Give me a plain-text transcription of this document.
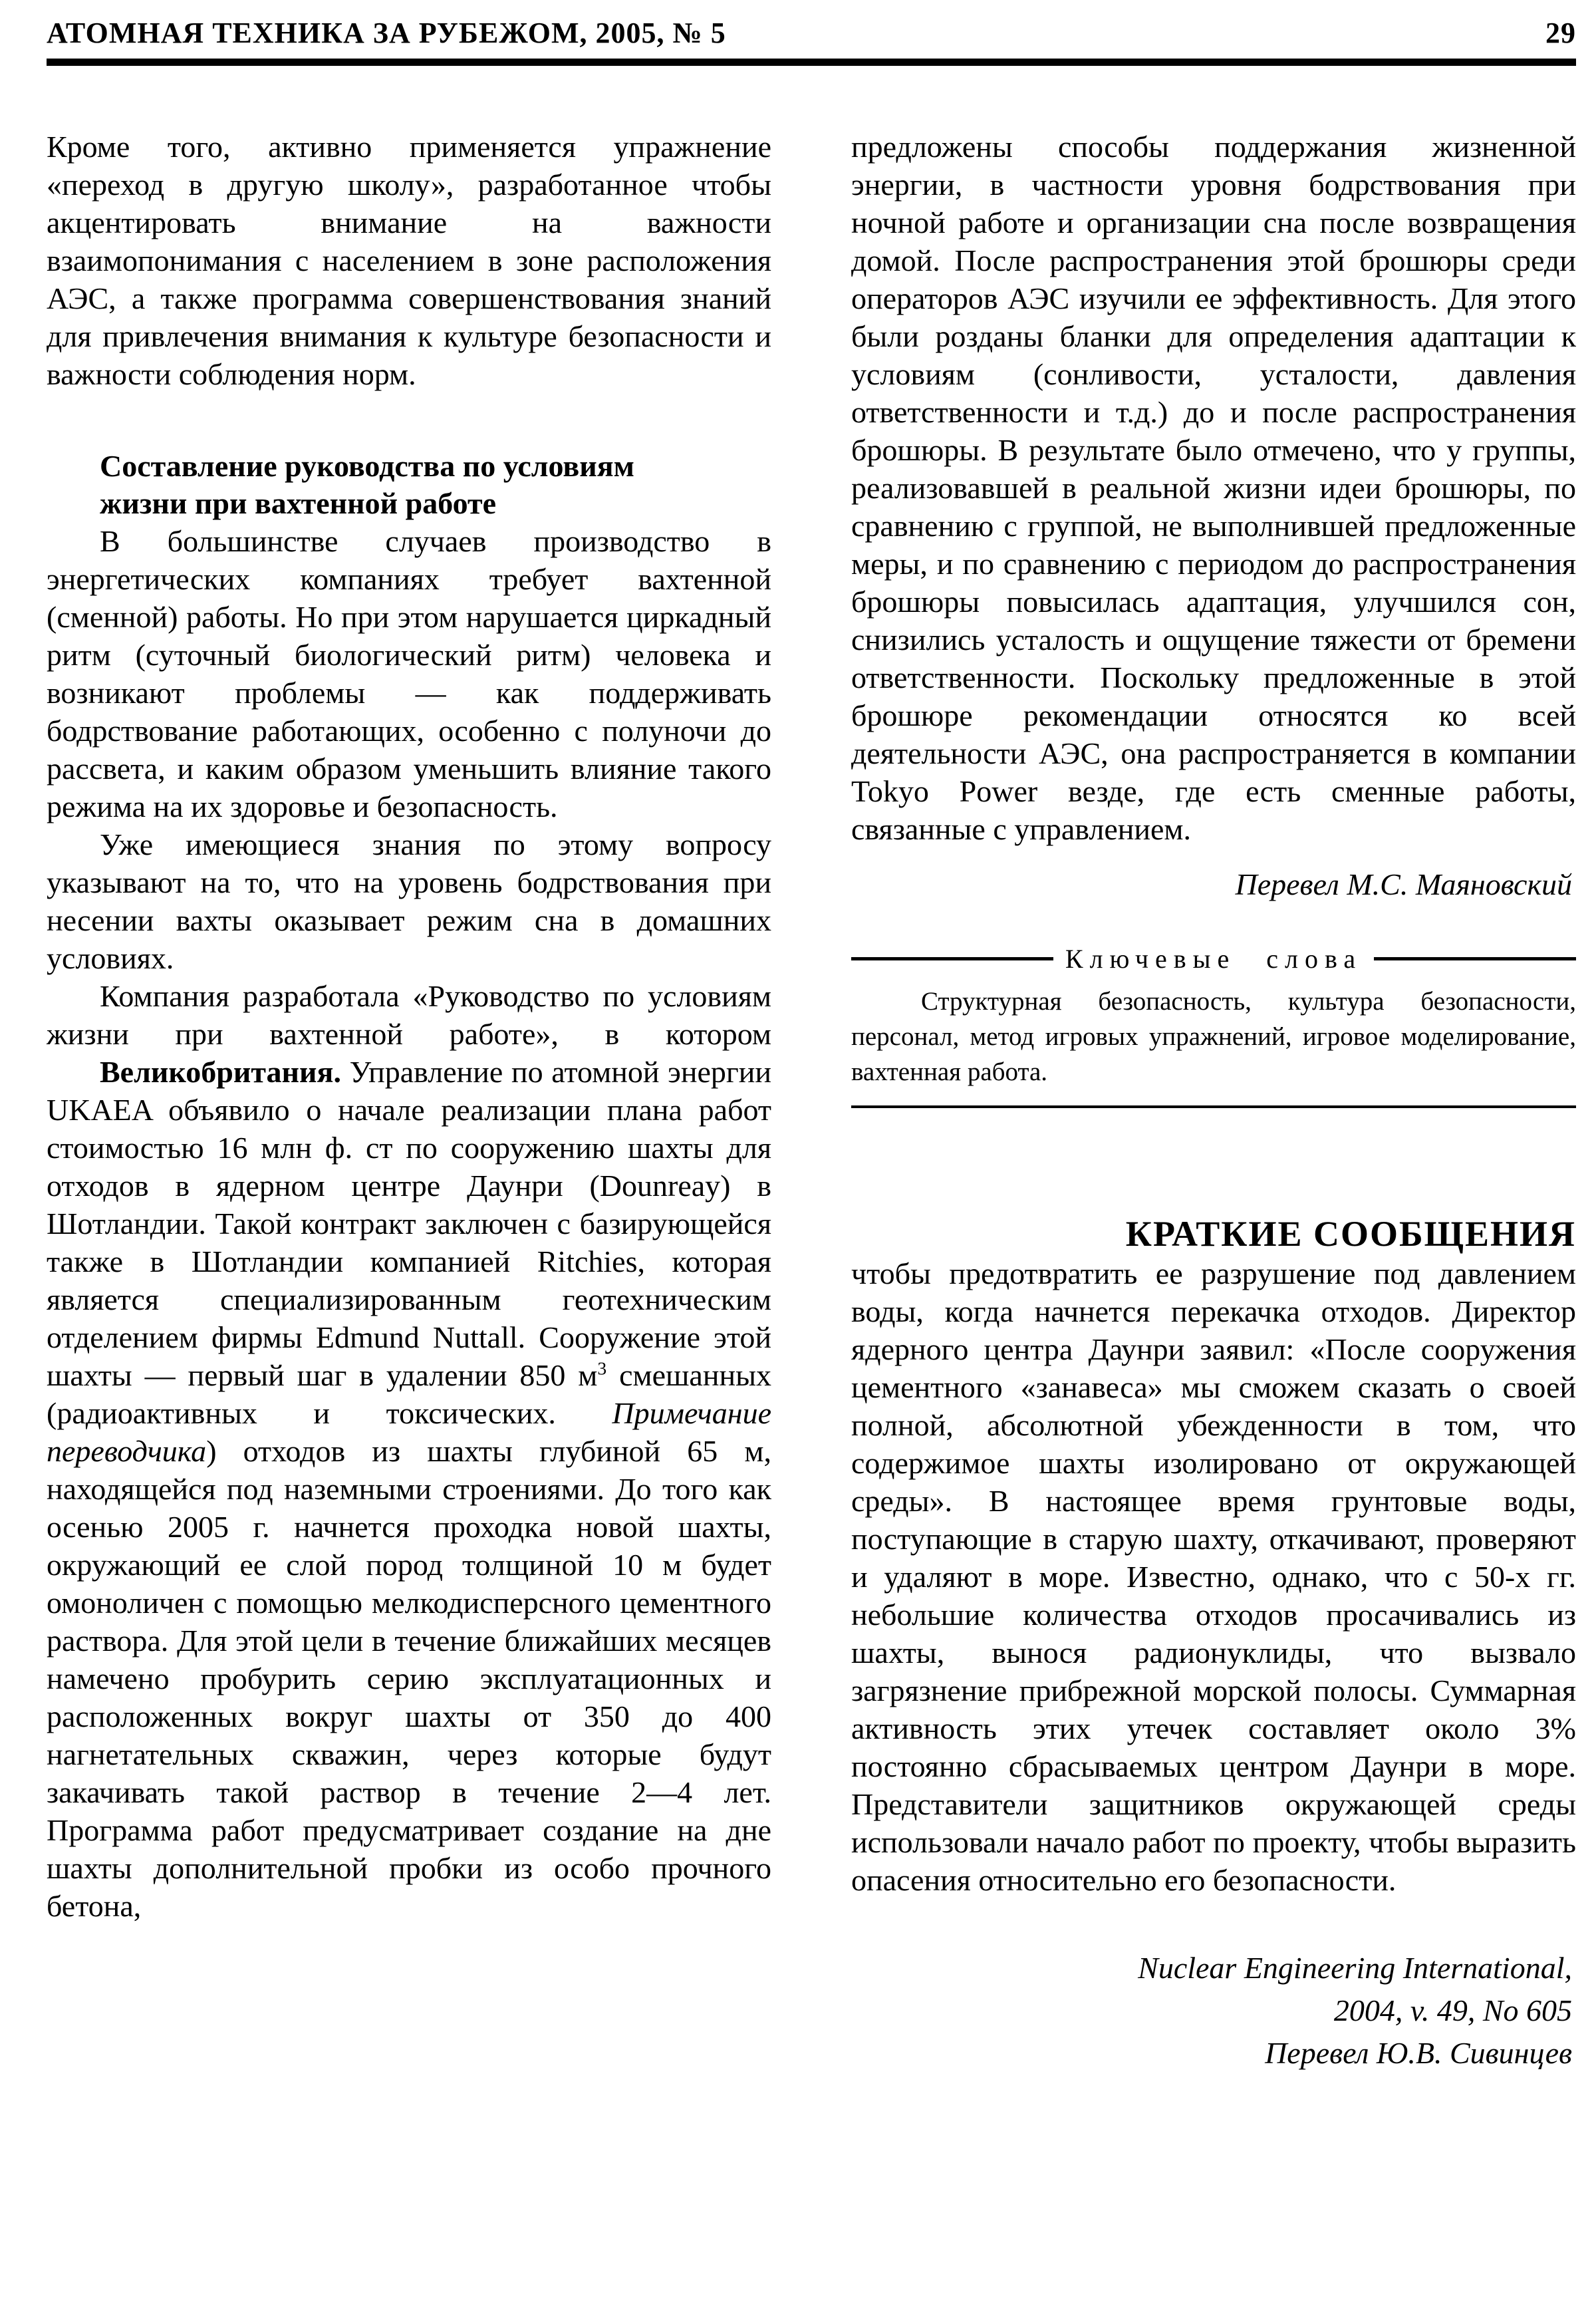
АТОМНАЯ ТЕХНИКА ЗА РУБЕЖОМ, 2005, № 5	29

Кроме того, активно применяется упражнение «переход в другую школу», разработанное чтобы акцентировать внимание на важности взаимопонимания с населением в зоне расположения АЭС, а также программа совершенствования знаний для привлечения внимания к культуре безопасности и важности соблюдения норм.

Составление руководства по условиям жизни при вахтенной работе

В большинстве случаев производство в энергетических компаниях требует вахтенной (сменной) работы. Но при этом нарушается циркадный ритм (суточный биологический ритм) человека и возникают проблемы — как поддерживать бодрствование работающих, особенно с полуночи до рассвета, и каким образом уменьшить влияние такого режима на их здоровье и безопасность.

Уже имеющиеся знания по этому вопросу указывают на то, что на уровень бодрствования при несении вахты оказывает режим сна в домашних условиях.

Компания разработала «Руководство по условиям жизни при вахтенной работе», в котором

Великобритания. Управление по атомной энергии UKAEA объявило о начале реализации плана работ стоимостью 16 млн ф. ст по сооружению шахты для отходов в ядерном центре Даунри (Dounreay) в Шотландии. Такой контракт заключен с базирующейся также в Шотландии компанией Ritchies, которая является специализированным геотехническим отделением фирмы Edmund Nuttall. Сооружение этой шахты — первый шаг в удалении 850 $м^3$ смешанных (радиоактивных и токсических. Примечание переводчика) отходов из шахты глубиной 65 м, находящейся под наземными строениями. До того как осенью 2005 г. начнется проходка новой шахты, окружающий ее слой пород толщиной 10 м будет омоноличен с помощью мелкодисперсного цементного раствора. Для этой цели в течение ближайших месяцев намечено пробурить серию эксплуатационных и расположенных вокруг шахты от 350 до 400 нагнетательных скважин, через которые будут закачивать такой раствор в течение 2—4 лет. Программа работ предусматривает создание на дне шахты дополнительной пробки из особо прочного бетона,

предложены способы поддержания жизненной энергии, в частности уровня бодрствования при ночной работе и организации сна после возвращения домой. После распространения этой брошюры среди операторов АЭС изучили ее эффективность. Для этого были розданы бланки для определения адаптации к условиям (сонливости, усталости, давления ответственности и т.д.) до и после распространения брошюры. В результате было отмечено, что у группы, реализовавшей в реальной жизни идеи брошюры, по сравнению с группой, не выполнившей предложенные меры, и по сравнению с периодом до распространения брошюры повысилась адаптация, улучшился сон, снизились усталость и ощущение тяжести от бремени ответственности. Поскольку предложенные в этой брошюре рекомендации относятся ко всей деятельности АЭС, она распространяется в компании Tokyo Power везде, где есть сменные работы, связанные с управлением.

Перевел М.С. Маяновский
Ключевые слова

Структурная безопасность, культура безопасности, персонал, метод игровых упражнений, игровое моделирование, вахтенная работа.

КРАТКИЕ СООБЩЕНИЯ

чтобы предотвратить ее разрушение под давлением воды, когда начнется перекачка отходов. Директор ядерного центра Даунри заявил: «После сооружения цементного «занавеса» мы сможем сказать о своей полной, абсолютной убежденности в том, что содержимое шахты изолировано от окружающей среды». В настоящее время грунтовые воды, поступающие в старую шахту, откачивают, проверяют и удаляют в море. Известно, однако, что с 50-х гг. небольшие количества отходов просачивались из шахты, вынося радионуклиды, что вызвало загрязнение прибрежной морской полосы. Суммарная активность этих утечек составляет около 3% постоянно сбрасываемых центром Даунри в море. Представители защитников окружающей среды использовали начало работ по проекту, чтобы выразить опасения относительно его безопасности.

Nuclear Engineering International,
2004, v. 49, No 605
Перевел Ю.В. Сивинцев
